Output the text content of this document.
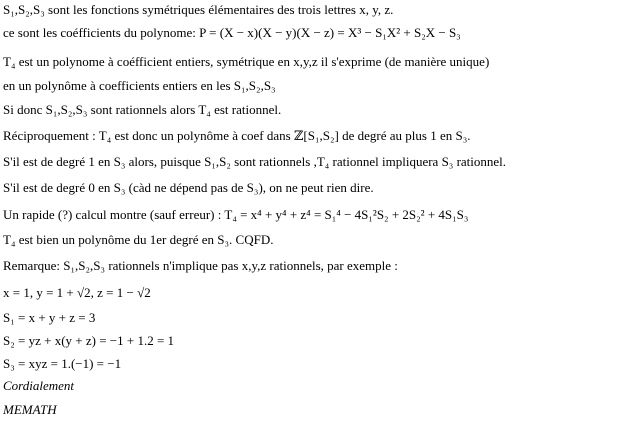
S₁,S₂,S₃ sont les fonctions symétriques élémentaires des trois lettres x, y, z.
ce sont les coéfficients du polynome: P = (X − x)(X − y)(X − z) = X³ − S₁X² + S₂X − S₃
T₄ est un polynome à coéfficient entiers, symétrique en x,y,z il s'exprime (de manière unique)
en un polynôme à coefficients entiers en les S₁,S₂,S₃
Si donc S₁,S₂,S₃ sont rationnels alors T₄ est rationnel.
Réciproquement : T₄ est donc un polynôme à coef dans ℤ[S₁,S₂] de degré au plus 1 en S₃.
S'il est de degré 1 en S₃ alors, puisque S₁,S₂ sont rationnels ,T₄ rationnel impliquera S₃ rationnel.
S'il est de degré 0 en S₃ (càd ne dépend pas de S₃), on ne peut rien dire.
Un rapide (?) calcul montre (sauf erreur) : T₄ = x⁴ + y⁴ + z⁴ = S₁⁴ − 4S₁²S₂ + 2S₂² + 4S₁S₃
T₄ est bien un polynôme du 1er degré en S₃. CQFD.
Remarque: S₁,S₂,S₃ rationnels n'implique pas x,y,z rationnels, par exemple :
x = 1, y = 1 + √2, z = 1 − √2
S₁ = x + y + z = 3
S₂ = yz + x(y + z) = −1 + 1.2 = 1
S₃ = xyz = 1.(−1) = −1
Cordialement
MEMATH
